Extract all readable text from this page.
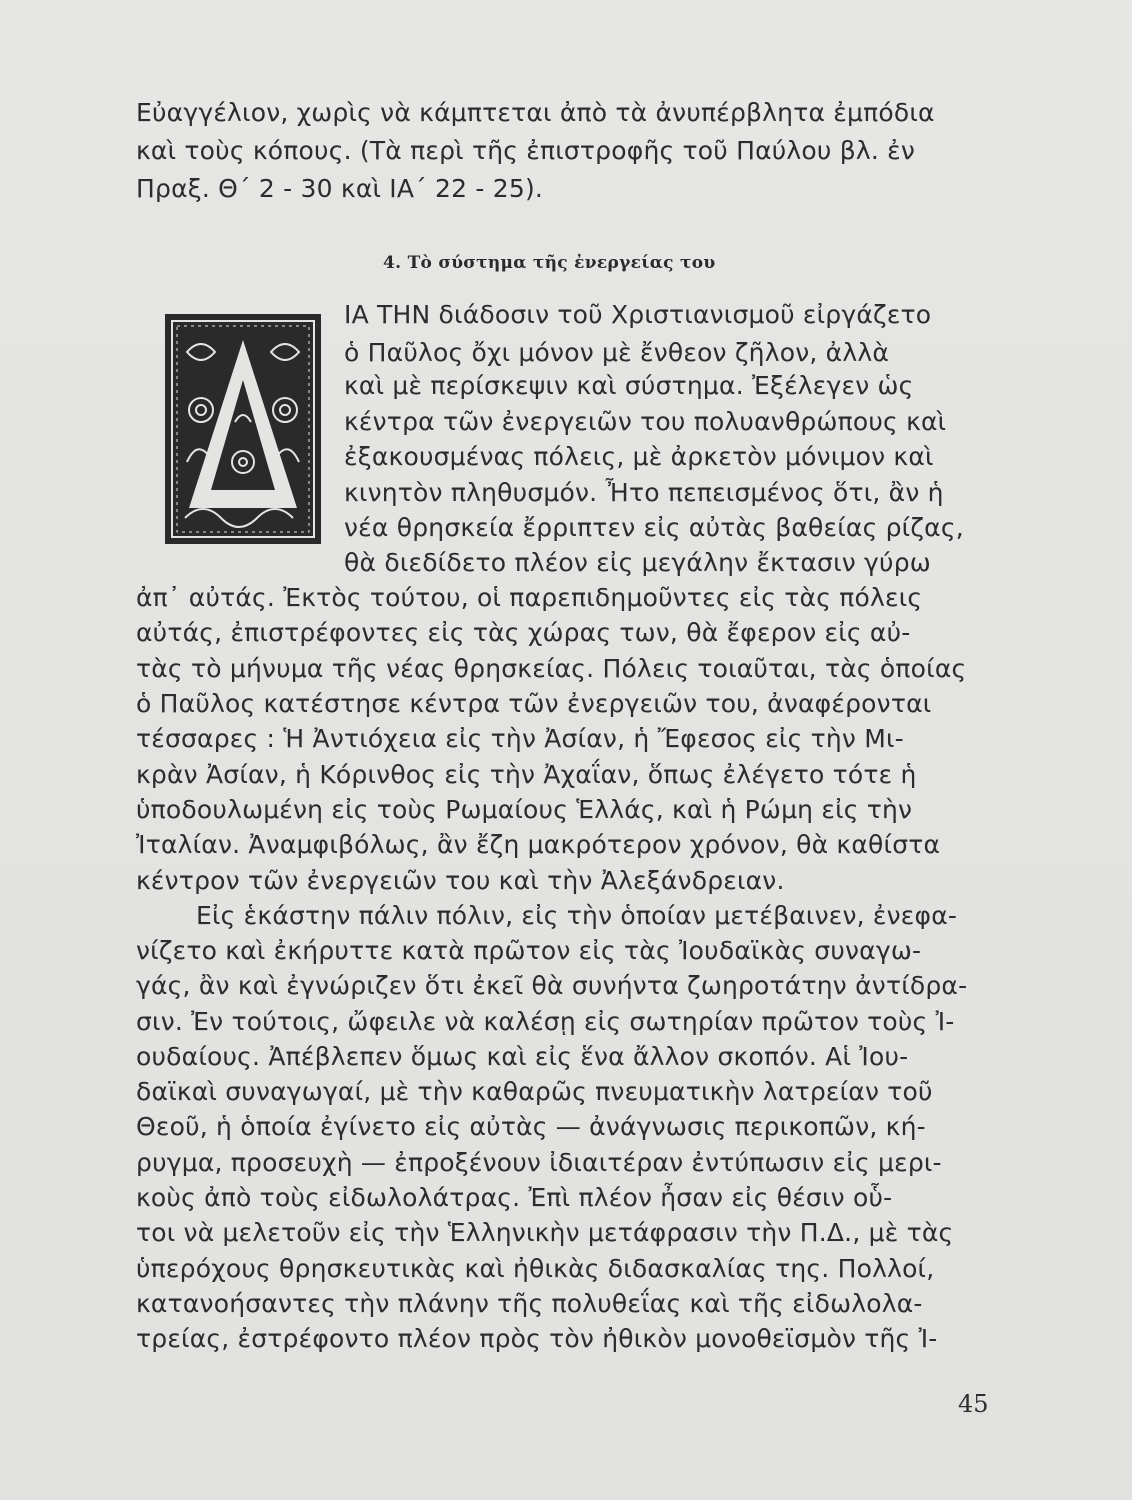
Εὐαγγέλιον, χωρὶς νὰ κάμπτεται ἀπὸ τὰ ἀνυπέρβλητα ἐμπόδια
καὶ τοὺς κόπους. (Τὰ περὶ τῆς ἐπιστροφῆς τοῦ Παύλου βλ. ἐν
Πραξ. Θ΄ 2 - 30 καὶ ΙΑ΄ 22 - 25).
4. Τὸ σύστημα τῆς ἐνεργείας του
ΙΑ ΤΗΝ διάδοσιν τοῦ Χριστιανισμοῦ εἰργάζετο
ὁ Παῦλος ὄχι μόνον μὲ ἔνθεον ζῆλον, ἀλλὰ
καὶ μὲ περίσκεψιν καὶ σύστημα. Ἐξέλεγεν ὡς
κέντρα τῶν ἐνεργειῶν του πολυανθρώπους καὶ
ἐξακουσμένας πόλεις, μὲ ἀρκετὸν μόνιμον καὶ
κινητὸν πληθυσμόν. Ἦτο πεπεισμένος ὅτι, ἂν ἡ
νέα θρησκεία ἔρριπτεν εἰς αὐτὰς βαθείας ρίζας,
θὰ διεδίδετο πλέον εἰς μεγάλην ἔκτασιν γύρω
ἀπ᾽ αὐτάς. Ἐκτὸς τούτου, οἱ παρεπιδημοῦντες εἰς τὰς πόλεις
αὐτάς, ἐπιστρέφοντες εἰς τὰς χώρας των, θὰ ἔφερον εἰς αὐ-
τὰς τὸ μήνυμα τῆς νέας θρησκείας. Πόλεις τοιαῦται, τὰς ὁποίας
ὁ Παῦλος κατέστησε κέντρα τῶν ἐνεργειῶν του, ἀναφέρονται
τέσσαρες : Ἡ Ἀντιόχεια εἰς τὴν Ἀσίαν, ἡ Ἔφεσος εἰς τὴν Μι-
κρὰν Ἀσίαν, ἡ Κόρινθος εἰς τὴν Ἀχαΐαν, ὅπως ἐλέγετο τότε ἡ
ὑποδουλωμένη εἰς τοὺς Ρωμαίους Ἑλλάς, καὶ ἡ Ρώμη εἰς τὴν
Ἰταλίαν. Ἀναμφιβόλως, ἂν ἔζη μακρότερον χρόνον, θὰ καθίστα
κέντρον τῶν ἐνεργειῶν του καὶ τὴν Ἀλεξάνδρειαν.
Εἰς ἑκάστην πάλιν πόλιν, εἰς τὴν ὁποίαν μετέβαινεν, ἐνεφα-
νίζετο καὶ ἐκήρυττε κατὰ πρῶτον εἰς τὰς Ἰουδαϊκὰς συναγω-
γάς, ἂν καὶ ἐγνώριζεν ὅτι ἐκεῖ θὰ συνήντα ζωηροτάτην ἀντίδρα-
σιν. Ἐν τούτοις, ὤφειλε νὰ καλέσῃ εἰς σωτηρίαν πρῶτον τοὺς Ἰ-
ουδαίους. Ἀπέβλεπεν ὅμως καὶ εἰς ἕνα ἄλλον σκοπόν. Αἱ Ἰου-
δαϊκαὶ συναγωγαί, μὲ τὴν καθαρῶς πνευματικὴν λατρείαν τοῦ
Θεοῦ, ἡ ὁποία ἐγίνετο εἰς αὐτὰς — ἀνάγνωσις περικοπῶν, κή-
ρυγμα, προσευχὴ — ἐπροξένουν ἰδιαιτέραν ἐντύπωσιν εἰς μερι-
κοὺς ἀπὸ τοὺς εἰδωλολάτρας. Ἐπὶ πλέον ἦσαν εἰς θέσιν οὗ-
τοι νὰ μελετοῦν εἰς τὴν Ἑλληνικὴν μετάφρασιν τὴν Π.Δ., μὲ τὰς
ὑπερόχους θρησκευτικὰς καὶ ἠθικὰς διδασκαλίας της. Πολλοί,
κατανοήσαντες τὴν πλάνην τῆς πολυθεΐας καὶ τῆς εἰδωλολα-
τρείας, ἐστρέφοντο πλέον πρὸς τὸν ἠθικὸν μονοθεϊσμὸν τῆς Ἰ-
45
